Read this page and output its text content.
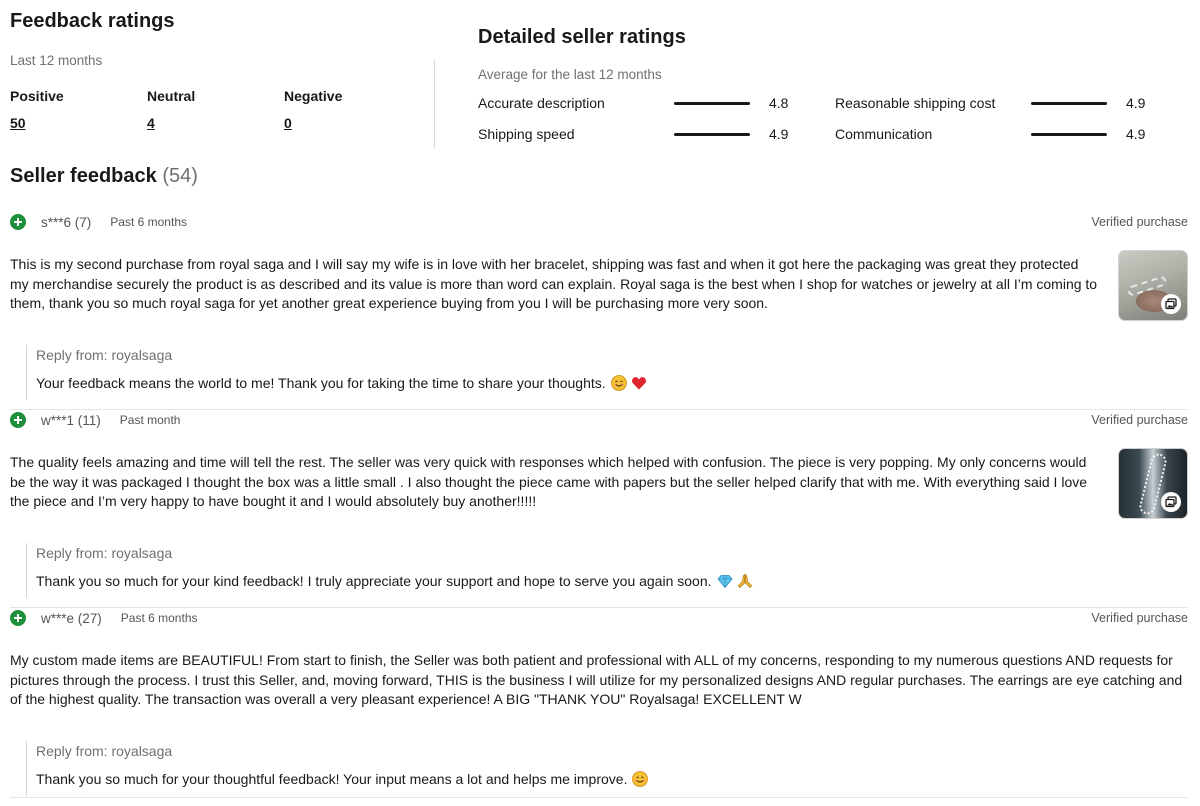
Feedback ratings
Last 12 months
Positive
50
Neutral
4
Negative
0
Detailed seller ratings
Average for the last 12 months
Accurate description	4.8	Reasonable shipping cost	4.9
Shipping speed	4.9	Communication	4.9
Seller feedback (54)
s***6 (7) Past 6 months	Verified purchase
This is my second purchase from royal saga and I will say my wife is in love with her bracelet, shipping was fast and when it got here the packaging was great they protected my merchandise securely the product is as described and its value is more than word can explain. Royal saga is the best when I shop for watches or jewelry at all I’m coming to them, thank you so much royal saga for yet another great experience buying from you I will be purchasing more very soon.
Reply from: royalsaga
Your feedback means the world to me! Thank you for taking the time to share your thoughts.
w***1 (11) Past month	Verified purchase
The quality feels amazing and time will tell the rest. The seller was very quick with responses which helped with confusion. The piece is very popping. My only concerns would be the way it was packaged I thought the box was a little small . I also thought the piece came with papers but the seller helped clarify that with me. With everything said I love the piece and I’m very happy to have bought it and I would absolutely buy another!!!!!
Reply from: royalsaga
Thank you so much for your kind feedback! I truly appreciate your support and hope to serve you again soon.
w***e (27) Past 6 months	Verified purchase
My custom made items are BEAUTIFUL! From start to finish, the Seller was both patient and professional with ALL of my concerns, responding to my numerous questions AND requests for pictures through the process. I trust this Seller, and, moving forward, THIS is the business I will utilize for my personalized designs AND regular purchases. The earrings are eye catching and of the highest quality. The transaction was overall a very pleasant experience! A BIG "THANK YOU" Royalsaga! EXCELLENT W
Reply from: royalsaga
Thank you so much for your thoughtful feedback! Your input means a lot and helps me improve.
